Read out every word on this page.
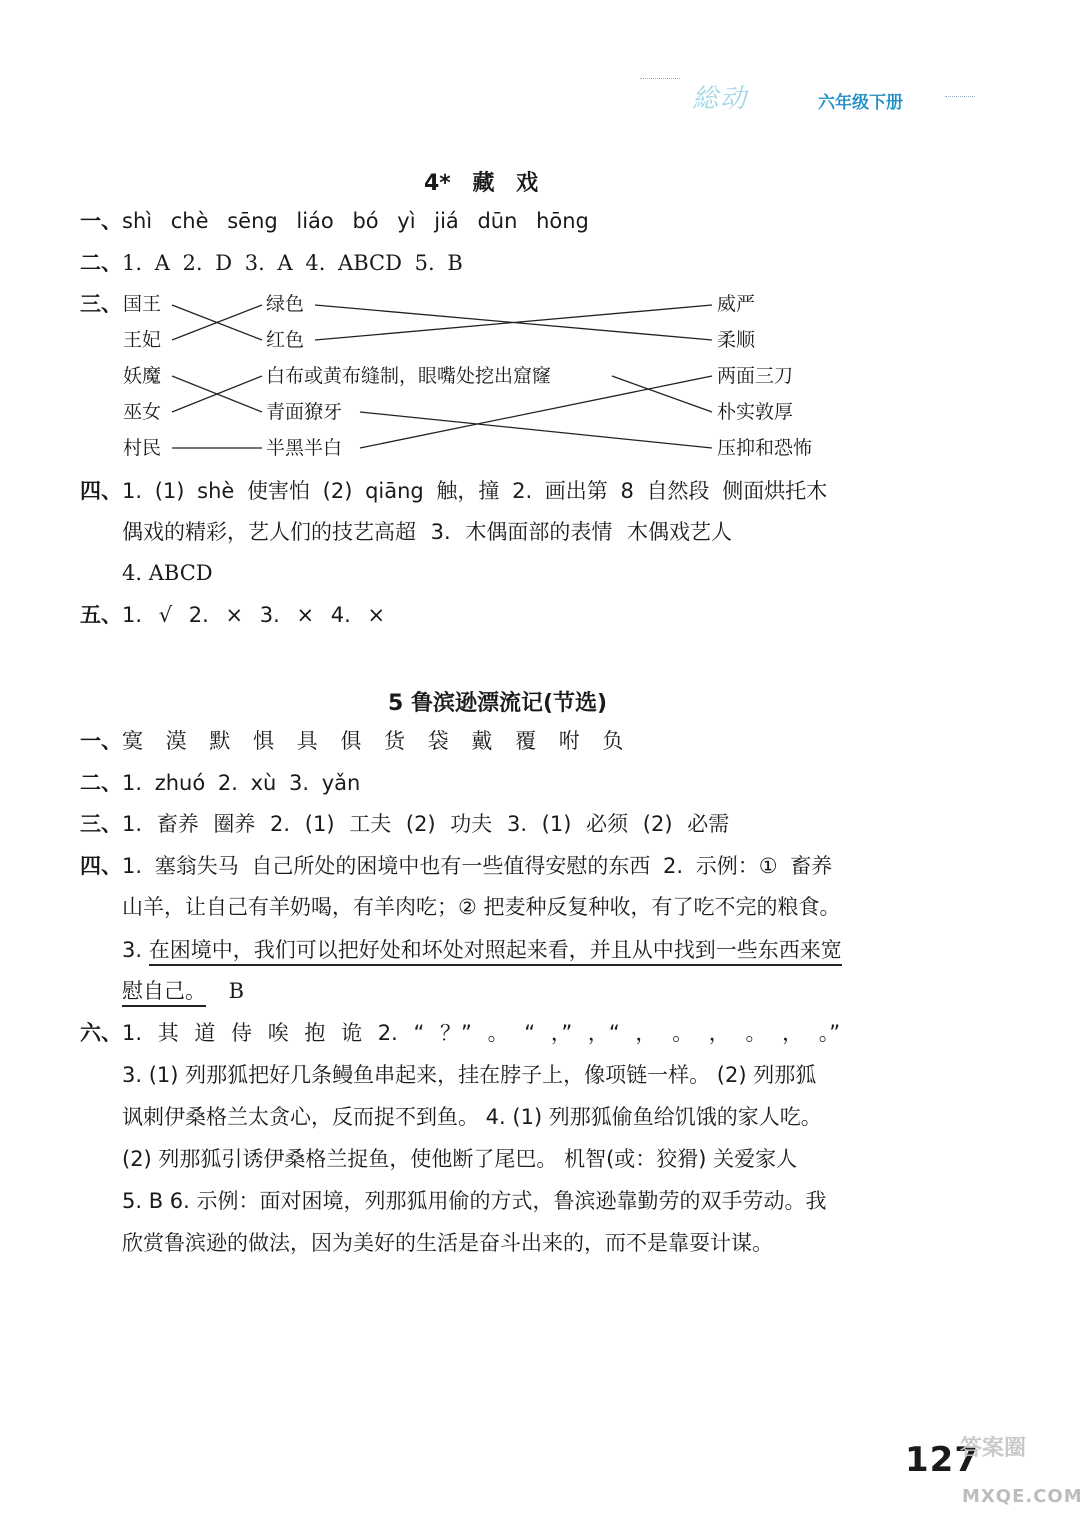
総动	六年级下册
4* 藏 戏
一、shì chè sēng liáo bó yì jiá dūn hōng
二、1. A 2. D 3. A 4. ABCD 5. B
三、 国王
王妃
妖魔
巫女
村民
绿色
红色
白布或黄布缝制，眼嘴处挖出窟窿
青面獠牙
半黑半白
威严
柔顺
两面三刀
朴实敦厚
压抑和恐怖
四、1. (1) shè 使害怕 (2) qiāng 触，撞 2. 画出第 8 自然段 侧面烘托木
偶戏的精彩，艺人们的技艺高超 3. 木偶面部的表情 木偶戏艺人
4. ABCD
五、1. √ 2. × 3. × 4. ×
5 鲁滨逊漂流记(节选)
一、寞 漠 默 惧 具 俱 货 袋 戴 覆 咐 负
二、1. zhuó 2. xù 3. yǎn
三、1. 畜养 圈养 2. (1) 工夫 (2) 功夫 3. (1) 必须 (2) 必需
四、1. 塞翁失马 自己所处的困境中也有一些值得安慰的东西 2. 示例：① 畜养
山羊，让自己有羊奶喝，有羊肉吃；② 把麦种反复种收，有了吃不完的粮食。
3. 在困境中，我们可以把好处和坏处对照起来看，并且从中找到一些东西来宽
慰自己。 B
六、1. 其 道 侍 唉 抱 诡 2. “ ？” 。 “ ，” ，“ ， 。 ， 。 ， 。”
3. (1) 列那狐把好几条鳗鱼串起来，挂在脖子上，像项链一样。 (2) 列那狐
讽刺伊桑格兰太贪心，反而捉不到鱼。 4. (1) 列那狐偷鱼给饥饿的家人吃。
(2) 列那狐引诱伊桑格兰捉鱼，使他断了尾巴。 机智(或：狡猾) 关爱家人
5. B 6. 示例：面对困境，列那狐用偷的方式，鲁滨逊靠勤劳的双手劳动。我
欣赏鲁滨逊的做法，因为美好的生活是奋斗出来的，而不是靠耍计谋。
127
答案圈
MXQE.COM
